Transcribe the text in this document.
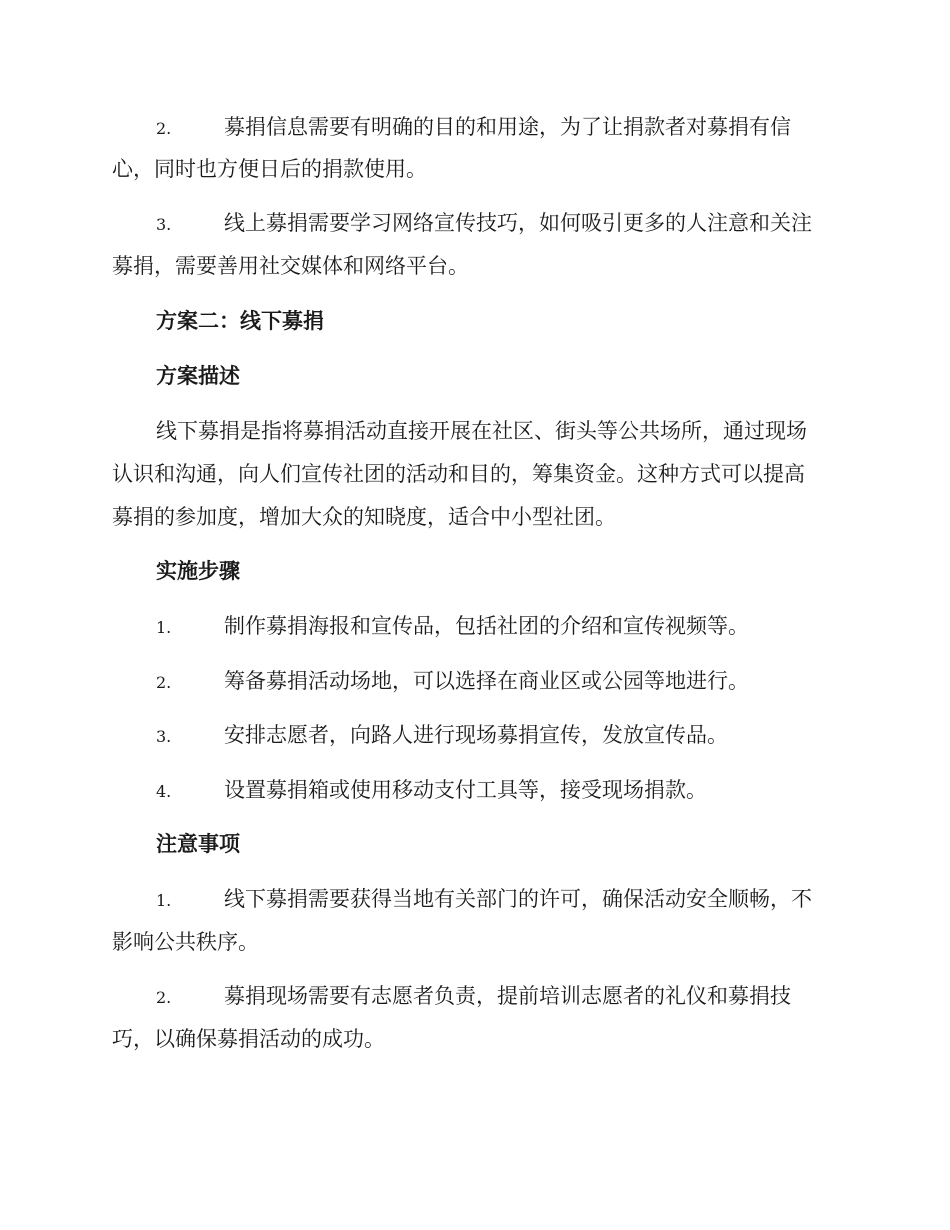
2.	募捐信息需要有明确的目的和用途，为了让捐款者对募捐有信
心，同时也方便日后的捐款使用。
3.	线上募捐需要学习网络宣传技巧，如何吸引更多的人注意和关注
募捐，需要善用社交媒体和网络平台。
方案二：线下募捐
方案描述
线下募捐是指将募捐活动直接开展在社区、街头等公共场所，通过现场
认识和沟通，向人们宣传社团的活动和目的，筹集资金。这种方式可以提高
募捐的参加度，增加大众的知晓度，适合中小型社团。
实施步骤
1.	制作募捐海报和宣传品，包括社团的介绍和宣传视频等。
2.	筹备募捐活动场地，可以选择在商业区或公园等地进行。
3.	安排志愿者，向路人进行现场募捐宣传，发放宣传品。
4.	设置募捐箱或使用移动支付工具等，接受现场捐款。
注意事项
1.	线下募捐需要获得当地有关部门的许可，确保活动安全顺畅，不
影响公共秩序。
2.	募捐现场需要有志愿者负责，提前培训志愿者的礼仪和募捐技
巧，以确保募捐活动的成功。
